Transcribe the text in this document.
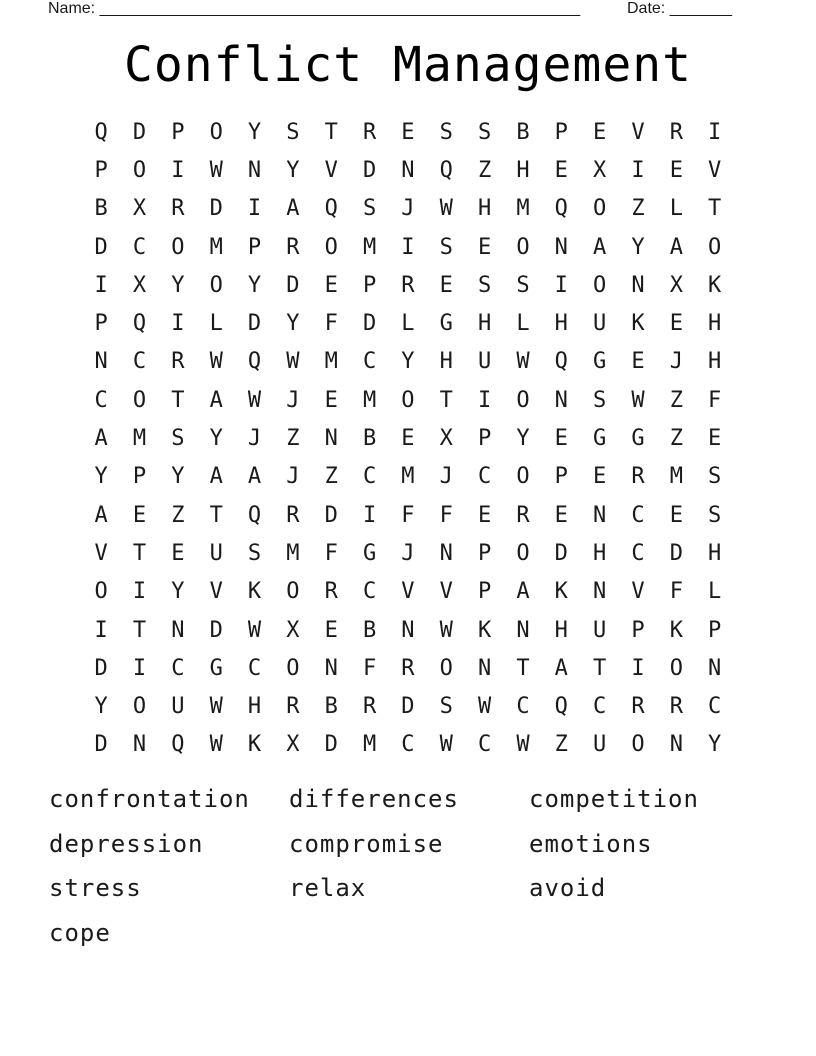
Name: ______________________________________________________	Date: _______
Conflict Management
Q	D	P	O	Y	S	T	R	E	S	S	B	P	E	V	R	I
P	O	I	W	N	Y	V	D	N	Q	Z	H	E	X	I	E	V
B	X	R	D	I	A	Q	S	J	W	H	M	Q	O	Z	L	T
D	C	O	M	P	R	O	M	I	S	E	O	N	A	Y	A	O
I	X	Y	O	Y	D	E	P	R	E	S	S	I	O	N	X	K
P	Q	I	L	D	Y	F	D	L	G	H	L	H	U	K	E	H
N	C	R	W	Q	W	M	C	Y	H	U	W	Q	G	E	J	H
C	O	T	A	W	J	E	M	O	T	I	O	N	S	W	Z	F
A	M	S	Y	J	Z	N	B	E	X	P	Y	E	G	G	Z	E
Y	P	Y	A	A	J	Z	C	M	J	C	O	P	E	R	M	S
A	E	Z	T	Q	R	D	I	F	F	E	R	E	N	C	E	S
V	T	E	U	S	M	F	G	J	N	P	O	D	H	C	D	H
O	I	Y	V	K	O	R	C	V	V	P	A	K	N	V	F	L
I	T	N	D	W	X	E	B	N	W	K	N	H	U	P	K	P
D	I	C	G	C	O	N	F	R	O	N	T	A	T	I	O	N
Y	O	U	W	H	R	B	R	D	S	W	C	Q	C	R	R	C
D	N	Q	W	K	X	D	M	C	W	C	W	Z	U	O	N	Y
confrontation	differences	competition
depression	compromise	emotions
stress	relax	avoid
cope
